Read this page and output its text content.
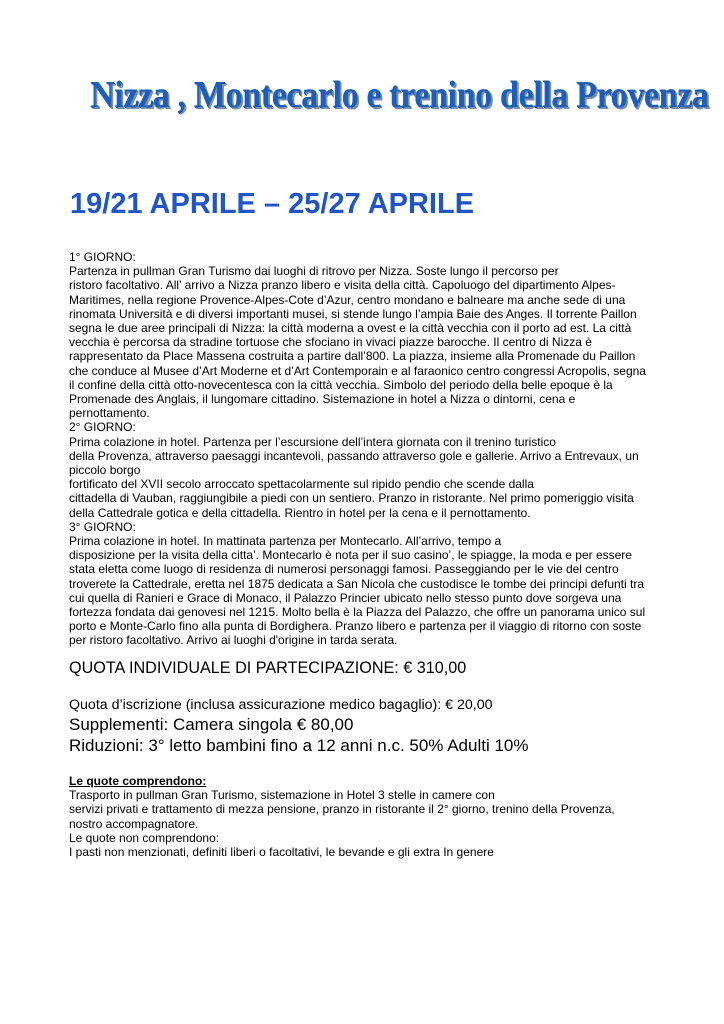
Nizza , Montecarlo e trenino della Provenza
19/21 APRILE – 25/27 APRILE
1° GIORNO:
Partenza in pullman Gran Turismo dai luoghi di ritrovo per Nizza. Soste lungo il percorso per
ristoro facoltativo. All’ arrivo a Nizza pranzo libero e visita della città. Capoluogo del dipartimento Alpes-
Maritimes, nella regione Provence-Alpes-Cote d’Azur, centro mondano e balneare ma anche sede di una
rinomata Università e di diversi importanti musei, si stende lungo l’ampia Baie des Anges. Il torrente Paillon
segna le due aree principali di Nizza: la città moderna a ovest e la città vecchia con il porto ad est. La città
vecchia è percorsa da stradine tortuose che sfociano in vivaci piazze barocche. Il centro di Nizza è
rappresentato da Place Massena costruita a partire dall’800. La piazza, insieme alla Promenade du Paillon
che conduce al Musee d’Art Moderne et d’Art Contemporain e al faraonico centro congressi Acropolis, segna
il confine della città otto-novecentesca con la città vecchia. Simbolo del periodo della belle epoque è la
Promenade des Anglais, il lungomare cittadino. Sistemazione in hotel a Nizza o dintorni, cena e
pernottamento.
2° GIORNO:
Prima colazione in hotel. Partenza per l’escursione dell’intera giornata con il trenino turistico
della Provenza, attraverso paesaggi incantevoli, passando attraverso gole e gallerie. Arrivo a Entrevaux, un
piccolo borgo
fortificato del XVII secolo arroccato spettacolarmente sul ripido pendio che scende dalla
cittadella di Vauban, raggiungibile a piedi con un sentiero. Pranzo in ristorante. Nel primo pomeriggio visita
della Cattedrale gotica e della cittadella. Rientro in hotel per la cena e il pernottamento.
3° GIORNO:
Prima colazione in hotel. In mattinata partenza per Montecarlo. All’arrivo, tempo a
disposizione per la visita della citta’. Montecarlo è nota per il suo casino’, le spiagge, la moda e per essere
stata eletta come luogo di residenza di numerosi personaggi famosi. Passeggiando per le vie del centro
troverete la Cattedrale, eretta nel 1875 dedicata a San Nicola che custodisce le tombe dei principi defunti tra
cui quella di Ranieri e Grace di Monaco, il Palazzo Princier ubicato nello stesso punto dove sorgeva una
fortezza fondata dai genovesi nel 1215. Molto bella è la Piazza del Palazzo, che offre un panorama unico sul
porto e Monte-Carlo fino alla punta di Bordighera. Pranzo libero e partenza per il viaggio di ritorno con soste
per ristoro facoltativo. Arrivo ai luoghi d'origine in tarda serata.
QUOTA INDIVIDUALE DI PARTECIPAZIONE: € 310,00
Quota d’iscrizione (inclusa assicurazione medico bagaglio): € 20,00
Supplementi: Camera singola € 80,00
Riduzioni: 3° letto bambini fino a 12 anni n.c. 50% Adulti 10%
Le quote comprendono:
Trasporto in pullman Gran Turismo, sistemazione in Hotel 3 stelle in camere con
servizi privati e trattamento di mezza pensione, pranzo in ristorante il 2° giorno, trenino della Provenza,
nostro accompagnatore.
Le quote non comprendono:
I pasti non menzionati, definiti liberi o facoltativi, le bevande e gli extra In genere
